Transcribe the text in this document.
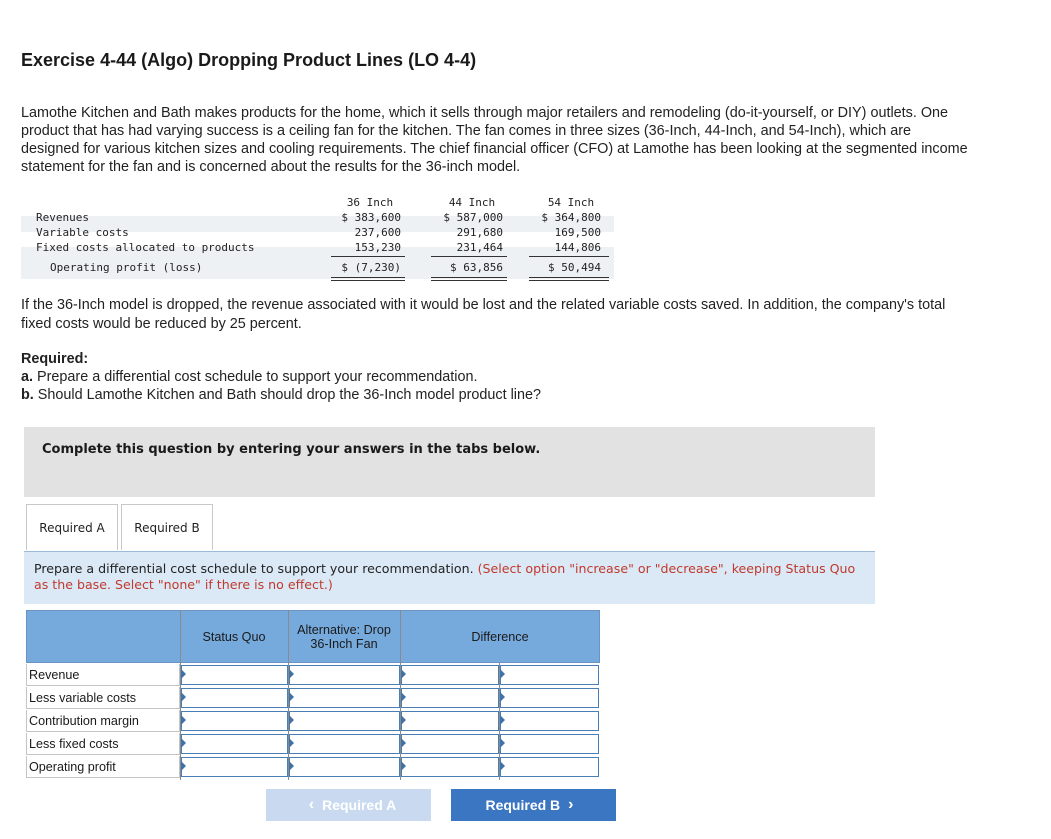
Exercise 4-44 (Algo) Dropping Product Lines (LO 4-4)
Lamothe Kitchen and Bath makes products for the home, which it sells through major retailers and remodeling (do-it-yourself, or DIY) outlets. One product that has had varying success is a ceiling fan for the kitchen. The fan comes in three sizes (36-Inch, 44-Inch, and 54-Inch), which are designed for various kitchen sizes and cooling requirements. The chief financial officer (CFO) at Lamothe has been looking at the segmented income statement for the fan and is concerned about the results for the 36-inch model.
36 Inch	44 Inch	54 Inch
Revenues	$ 383,600	$ 587,000	$ 364,800
Variable costs	237,600	291,680	169,500
Fixed costs allocated to products	153,230	231,464	144,806
Operating profit (loss)	$ (7,230)	$ 63,856	$ 50,494
If the 36-Inch model is dropped, the revenue associated with it would be lost and the related variable costs saved. In addition, the company's total fixed costs would be reduced by 25 percent.
Required:
a. Prepare a differential cost schedule to support your recommendation.
b. Should Lamothe Kitchen and Bath should drop the 36-Inch model product line?
Complete this question by entering your answers in the tabs below.
Required A	Required B
Prepare a differential cost schedule to support your recommendation. (Select option "increase" or "decrease", keeping Status Quo as the base. Select "none" if there is no effect.)
Status Quo	Alternative: Drop 36-Inch Fan	Difference
Revenue
Less variable costs
Contribution margin
Less fixed costs
Operating profit
‹ Required A	Required B ›
